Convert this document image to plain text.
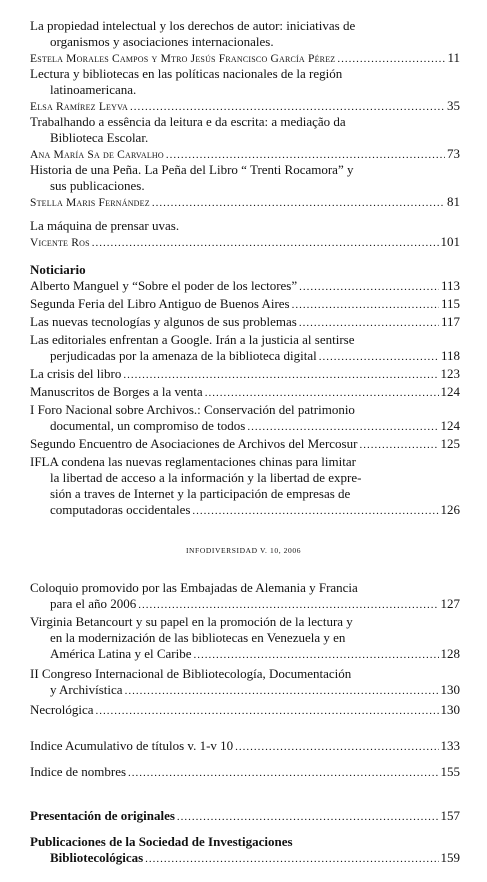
La propiedad intelectual y los derechos de autor: iniciativas de
organismos y asociaciones internacionales.
Estela Morales Campos y Mtro Jesús Francisco García Pérez .....	11
Lectura y bibliotecas en las políticas nacionales de la región
latinoamericana.
Elsa Ramírez Leyva .....	35
Trabalhando a essência da leitura e da escrita: a mediação da
Biblioteca Escolar.
Ana María Sa de Carvalho .....	73
Historia de una Peña. La Peña del Libro “ Trenti Rocamora” y
sus publicaciones.
Stella Maris Fernández .....	81
La máquina de prensar uvas.
Vicente Ros .....	101
Noticiario
Alberto Manguel y “Sobre el poder de los lectores” .....	113
Segunda Feria del Libro Antiguo de Buenos Aires .....	115
Las nuevas tecnologías y algunos de sus problemas .....	117
Las editoriales enfrentan a Google. Irán a la justicia al sentirse
perjudicadas por la amenaza de la biblioteca digital .....	118
La crisis del libro .....	123
Manuscritos de Borges a la venta .....	124
I Foro Nacional sobre Archivos.: Conservación del patrimonio
documental, un compromiso de todos .....	124
Segundo Encuentro de Asociaciones de Archivos del Mercosur .....	125
IFLA condena las nuevas reglamentaciones chinas para limitar
la libertad de acceso a la información y la libertad de expre-
sión a traves de Internet y la participación de empresas de
computadoras occidentales .....	126
INFODIVERSIDAD V. 10, 2006
Coloquio promovido por las Embajadas de Alemania y Francia
para el año 2006 .....	127
Virginia Betancourt y su papel en la promoción de la lectura y
en la modernización de las bibliotecas en Venezuela y en
América Latina y el Caribe .....	128
II Congreso Internacional de Bibliotecología, Documentación
y Archivística .....	130
Necrológica .....	130
Indice Acumulativo de títulos v. 1-v 10 .....	133
Indice de nombres .....	155
Presentación de originales .....	157
Publicaciones de la Sociedad de Investigaciones
Bibliotecológicas .....	159
